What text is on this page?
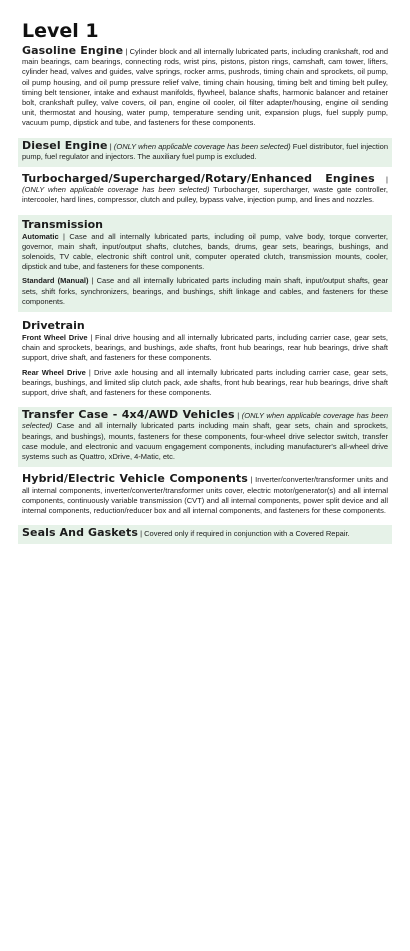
Level 1

Gasoline Engine | Cylinder block and all internally lubricated parts, including crankshaft, rod and main bearings, cam bearings, connecting rods, wrist pins, pistons, piston rings, camshaft, cam tower, lifters, cylinder head, valves and guides, valve springs, rocker arms, pushrods, timing chain and sprockets, oil pump, oil pump housing, and oil pump pressure relief valve, timing chain housing, timing belt and timing belt pulley, timing belt tensioner, intake and exhaust manifolds, flywheel, balance shafts, harmonic balancer and retainer bolt, crankshaft pulley, valve covers, oil pan, engine oil cooler, oil filter adapter/housing, engine oil sending unit, thermostat and housing, water pump, temperature sending unit, expansion plugs, fuel supply pump, vacuum pump, dipstick and tube, and fasteners for these components.

Diesel Engine | (ONLY when applicable coverage has been selected) Fuel distributor, fuel injection pump, fuel regulator and injectors. The auxiliary fuel pump is excluded.

Turbocharged/Supercharged/Rotary/Enhanced Engines | (ONLY when applicable coverage has been selected) Turbocharger, supercharger, waste gate controller, intercooler, hard lines, compressor, clutch and pulley, bypass valve, injection pump, and lines and nozzles.

Transmission

Automatic | Case and all internally lubricated parts, including oil pump, valve body, torque converter, governor, main shaft, input/output shafts, clutches, bands, drums, gear sets, bearings, bushings, and solenoids, TV cable, electronic shift control unit, computer operated clutch, transmission mounts, cooler, dipstick and tube, and fasteners for these components.

Standard (Manual) | Case and all internally lubricated parts including main shaft, input/output shafts, gear sets, shift forks, synchronizers, bearings, and bushings, shift linkage and cables, and fasteners for these components.

Drivetrain

Front Wheel Drive | Final drive housing and all internally lubricated parts, including carrier case, gear sets, chain and sprockets, bearings, and bushings, axle shafts, front hub bearings, rear hub bearings, drive shaft support, drive shaft, and fasteners for these components.

Rear Wheel Drive | Drive axle housing and all internally lubricated parts including carrier case, gear sets, bearings, bushings, and limited slip clutch pack, axle shafts, front hub bearings, rear hub bearings, drive shaft support, drive shaft, and fasteners for these components.

Transfer Case - 4x4/AWD Vehicles | (ONLY when applicable coverage has been selected) Case and all internally lubricated parts including main shaft, gear sets, chain and sprockets, bearings, and bushings), mounts, fasteners for these components, four-wheel drive selector switch, transfer case module, and electronic and vacuum engagement components, including manufacturer's all-wheel drive systems such as Quattro, xDrive, 4-Matic, etc.

Hybrid/Electric Vehicle Components | Inverter/converter/transformer units and all internal components, inverter/converter/transformer units cover, electric motor/generator(s) and all internal components, continuously variable transmission (CVT) and all internal components, power split device and all internal components, reduction/reducer box and all internal components, and fasteners for these components.

Seals And Gaskets | Covered only if required in conjunction with a Covered Repair.
